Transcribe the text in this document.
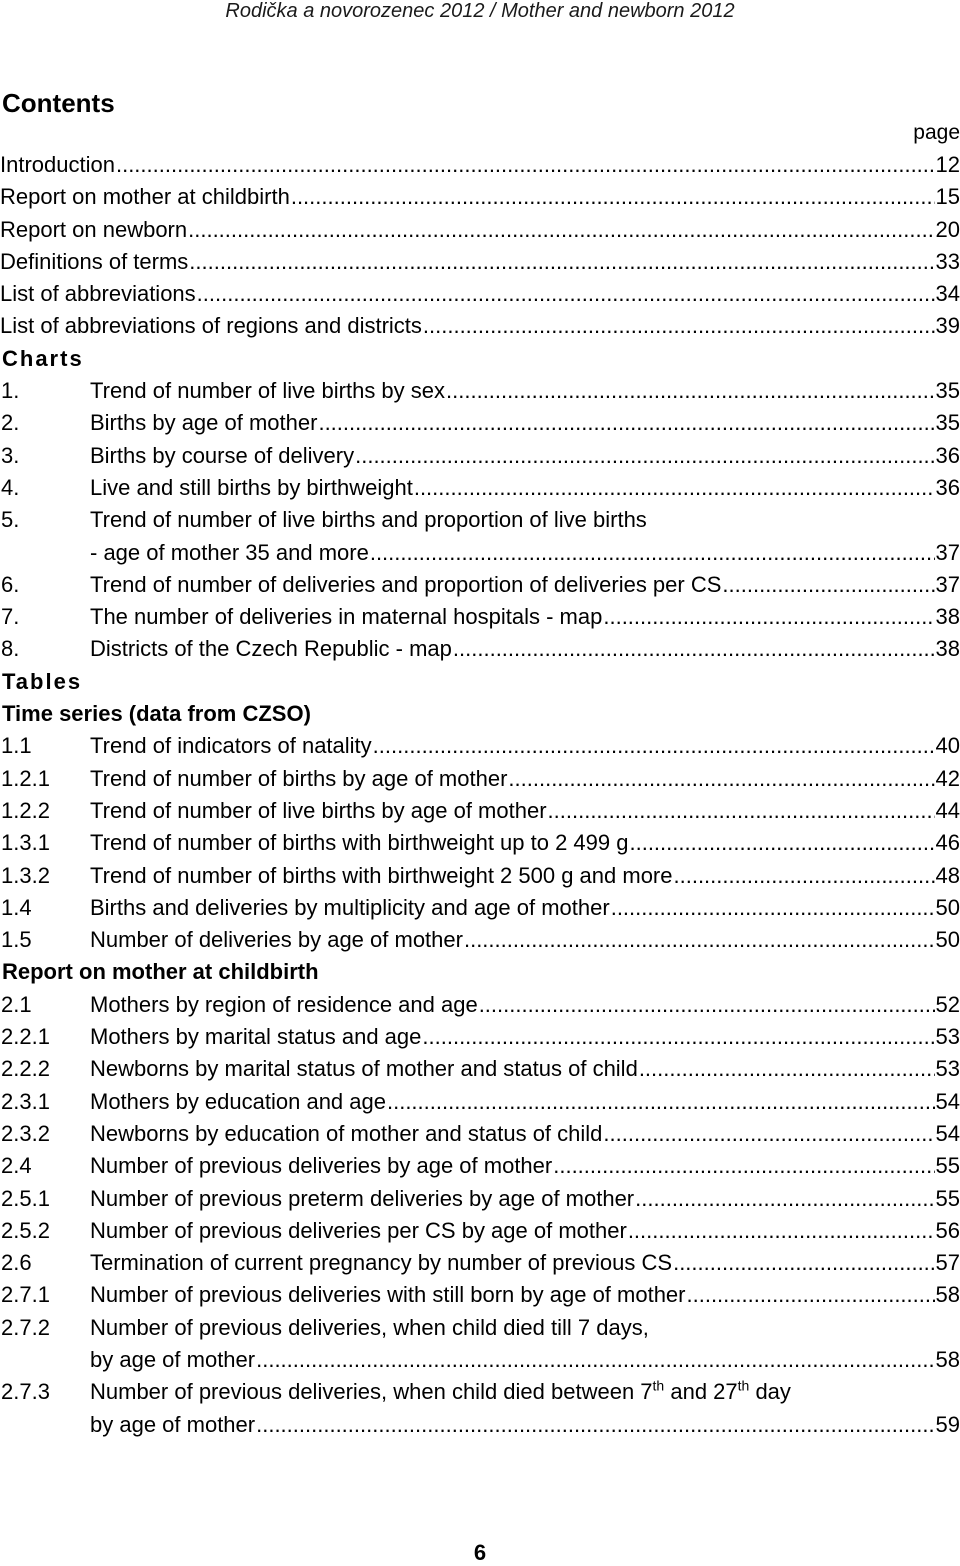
Rodička a novorozenec 2012 / Mother and newborn 2012
Contents
page
Introduction .....	12
Report on mother at childbirth .....	15
Report on newborn .....	20
Definitions of terms .....	33
List of abbreviations .....	34
List of abbreviations of regions and districts .....	39
Charts
1.	Trend of number of live births by sex .....	35
2.	Births by age of mother .....	35
3.	Births by course of delivery .....	36
4.	Live and still births by birthweight .....	36
5.	Trend of number of live births and proportion of live births
- age of mother 35 and more .....	37
6.	Trend of number of deliveries and proportion of deliveries per CS .....	37
7.	The number of deliveries in maternal hospitals - map .....	38
8.	Districts of the Czech Republic - map .....	38
Tables
Time series (data from CZSO)
1.1	Trend of indicators of natality .....	40
1.2.1 Trend of number of births by age of mother .....	42
1.2.2 Trend of number of live births by age of mother .....	44
1.3.1 Trend of number of births with birthweight up to 2 499 g .....	46
1.3.2 Trend of number of births with birthweight 2 500 g and more .....	48
1.4	Births and deliveries by multiplicity and age of mother .....	50
1.5	Number of deliveries by age of mother .....	50
Report on mother at childbirth
2.1	Mothers by region of residence and age .....	52
2.2.1 Mothers by marital status and age .....	53
2.2.2 Newborns by marital status of mother and status of child .....	53
2.3.1 Mothers by education and age .....	54
2.3.2 Newborns by education of mother and status of child .....	54
2.4	Number of previous deliveries by age of mother .....	55
2.5.1 Number of previous preterm deliveries by age of mother .....	55
2.5.2 Number of previous deliveries per CS by age of mother .....	56
2.6	Termination of current pregnancy by number of previous CS .....	57
2.7.1 Number of previous deliveries with still born by age of mother .....	58
2.7.2 Number of previous deliveries, when child died till 7 days,
by age of mother .....	58
2.7.3 Number of previous deliveries, when child died between 7th and 27th day
by age of mother .....	59
6
